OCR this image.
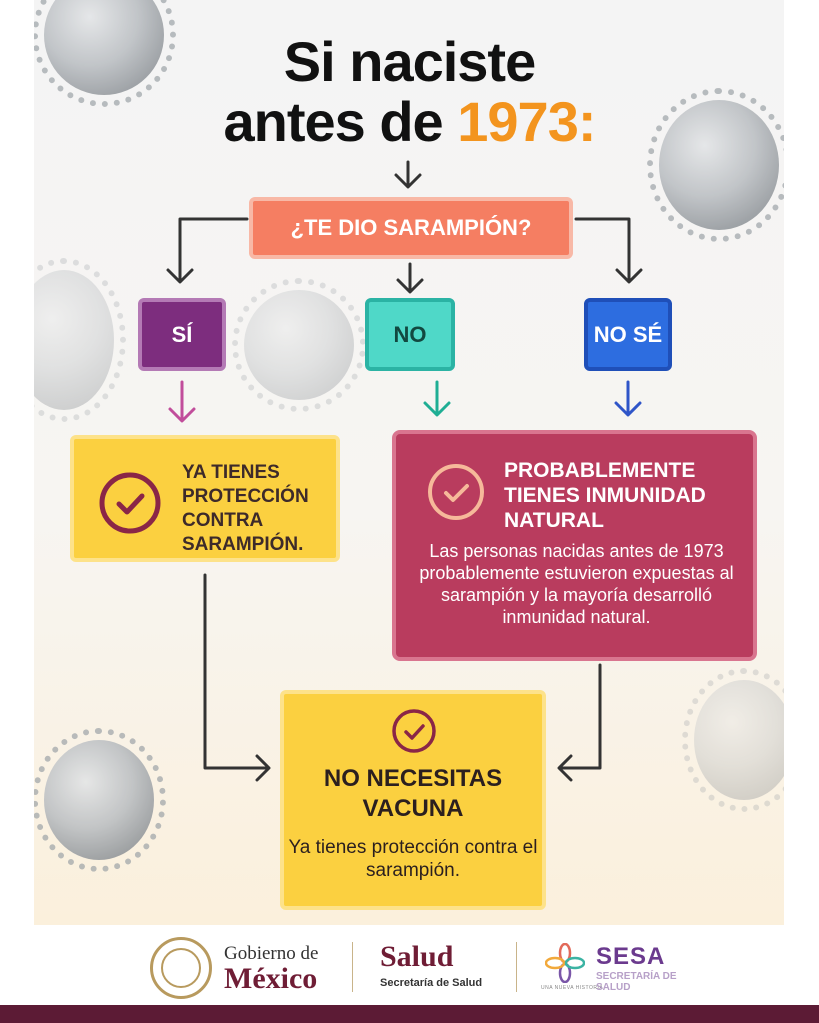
Si naciste
antes de 1973:
¿TE DIO SARAMPIÓN?
SÍ	NO	NO SÉ
YA TIENES PROTECCIÓN CONTRA SARAMPIÓN.
PROBABLEMENTE TIENES INMUNIDAD NATURAL
Las personas nacidas antes de 1973 probablemente estuvieron expuestas al sarampión y la mayoría desarrolló inmunidad natural.
NO NECESITAS VACUNA
Ya tienes protección contra el sarampión.
Gobierno de
México
Salud
Secretaría de Salud	UNA NUEVA HISTORIA
SESA
SECRETARÍA DE SALUD
